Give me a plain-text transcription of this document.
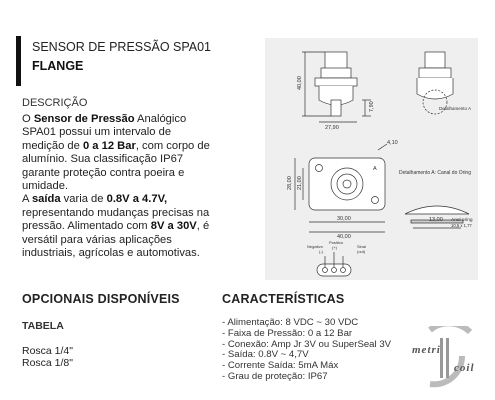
SENSOR DE PRESSÃO SPA01
FLANGE
DESCRIÇÃO
O Sensor de Pressão Analógico SPA01 possui um intervalo de medição de 0 a 12 Bar, com corpo de alumínio. Sua classificação IP67 garante proteção contra poeira e umidade.
A saída varia de 0.8V a 4.7V, representando mudanças precisas na pressão. Alimentado com 8V a 30V, é versátil para várias aplicações industriais, agrícolas e automotivas.
OPCIONAIS DISPONÍVEIS
TABELA
Rosca 1/4"
Rosca 1/8"
CARACTERÍSTICAS
- Alimentação: 8 VDC ~ 30 VDC
- Faixa de Pressão: 0 a 12 Bar
- Conexão: Amp Jr 3V ou SuperSeal 3V
- Saída: 0.8V ~ 4,7V
- Corrente Saída: 5mA Máx
- Grau de proteção: IP67
40,00
7,90
27,90
Detalhamento A
4,10
28,00 21,00
30,00
40,00
A
Detalhamento A: Canal do Oring
13,00 Anel oring
10,5 x 1,77
Negativo
(-)
Positivo
(+)	Sinal
(out)
metri
coil
